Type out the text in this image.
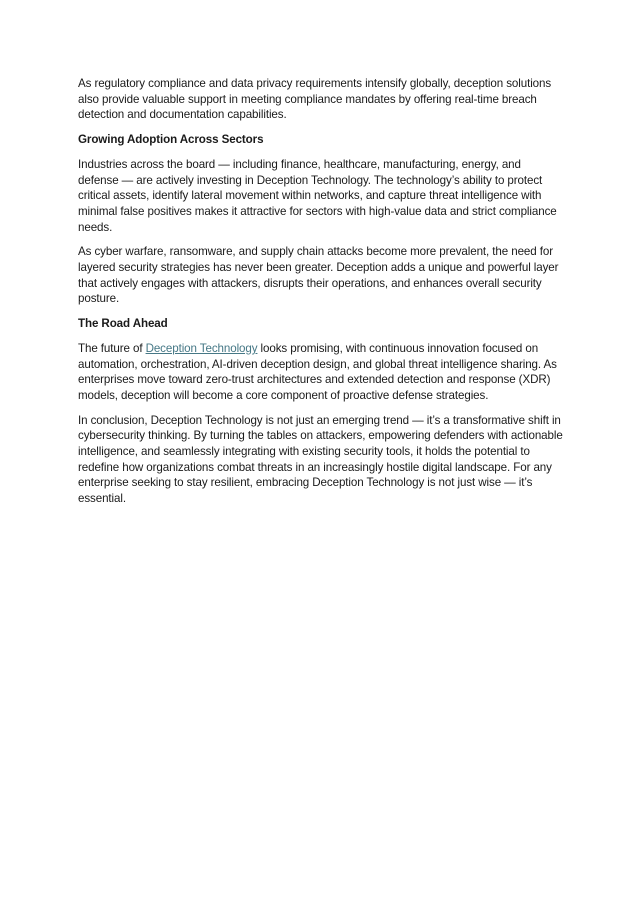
As regulatory compliance and data privacy requirements intensify globally, deception solutions also provide valuable support in meeting compliance mandates by offering real-time breach detection and documentation capabilities.

Growing Adoption Across Sectors

Industries across the board — including finance, healthcare, manufacturing, energy, and defense — are actively investing in Deception Technology. The technology’s ability to protect critical assets, identify lateral movement within networks, and capture threat intelligence with minimal false positives makes it attractive for sectors with high-value data and strict compliance needs.

As cyber warfare, ransomware, and supply chain attacks become more prevalent, the need for layered security strategies has never been greater. Deception adds a unique and powerful layer that actively engages with attackers, disrupts their operations, and enhances overall security posture.

The Road Ahead

The future of Deception Technology looks promising, with continuous innovation focused on automation, orchestration, AI-driven deception design, and global threat intelligence sharing. As enterprises move toward zero-trust architectures and extended detection and response (XDR) models, deception will become a core component of proactive defense strategies.

In conclusion, Deception Technology is not just an emerging trend — it’s a transformative shift in cybersecurity thinking. By turning the tables on attackers, empowering defenders with actionable intelligence, and seamlessly integrating with existing security tools, it holds the potential to redefine how organizations combat threats in an increasingly hostile digital landscape. For any enterprise seeking to stay resilient, embracing Deception Technology is not just wise — it’s essential.
